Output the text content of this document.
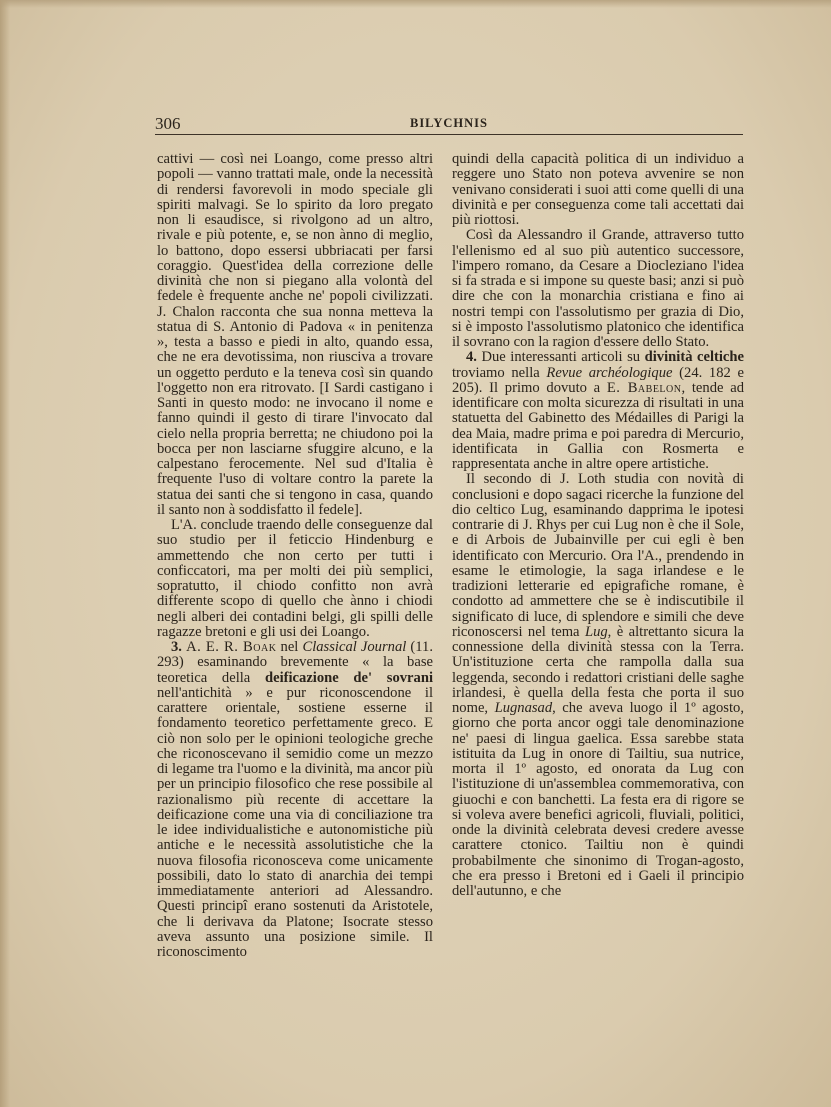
306	BILYCHNIS

cattivi — così nei Loango, come presso altri popoli — vanno trattati male, onde la necessità di rendersi favorevoli in modo speciale gli spiriti malvagi. Se lo spirito da loro pregato non li esaudisce, si rivolgono ad un altro, rivale e più potente, e, se non ànno di meglio, lo battono, dopo essersi ubbriacati per farsi coraggio. Quest'idea della correzione delle divinità che non si piegano alla volontà del fedele è frequente anche ne' popoli civilizzati. J. Chalon racconta che sua nonna metteva la statua di S. Antonio di Padova « in penitenza », testa a basso e piedi in alto, quando essa, che ne era devotissima, non riusciva a trovare un oggetto perduto e la teneva così sin quando l'oggetto non era ritrovato. [I Sardi castigano i Santi in questo modo: ne invocano il nome e fanno quindi il gesto di tirare l'invocato dal cielo nella propria berretta; ne chiudono poi la bocca per non lasciarne sfuggire alcuno, e la calpestano ferocemente. Nel sud d'Italia è frequente l'uso di voltare contro la parete la statua dei santi che si tengono in casa, quando il santo non à soddisfatto il fedele].

L'A. conclude traendo delle conseguenze dal suo studio per il feticcio Hindenburg e ammettendo che non certo per tutti i conficcatori, ma per molti dei più semplici, sopratutto, il chiodo confitto non avrà differente scopo di quello che ànno i chiodi negli alberi dei contadini belgi, gli spilli delle ragazze bretoni e gli usi dei Loango.

3. A. E. R. Boak nel Classical Journal (11. 293) esaminando brevemente « la base teoretica della deificazione de' sovrani nell'antichità » e pur riconoscendone il carattere orientale, sostiene esserne il fondamento teoretico perfettamente greco. E ciò non solo per le opinioni teologiche greche che riconoscevano il semidio come un mezzo di legame tra l'uomo e la divinità, ma ancor più per un principio filosofico che rese possibile al razionalismo più recente di accettare la deificazione come una via di conciliazione tra le idee individualistiche e autonomistiche più antiche e le necessità assolutistiche che la nuova filosofia riconosceva come unicamente possibili, dato lo stato di anarchia dei tempi immediatamente anteriori ad Alessandro. Questi principî erano sostenuti da Aristotele, che li derivava da Platone; Isocrate stesso aveva assunto una posizione simile. Il riconoscimento

quindi della capacità politica di un individuo a reggere uno Stato non poteva avvenire se non venivano considerati i suoi atti come quelli di una divinità e per conseguenza come tali accettati dai più riottosi.

Così da Alessandro il Grande, attraverso tutto l'ellenismo ed al suo più autentico successore, l'impero romano, da Cesare a Diocleziano l'idea si fa strada e si impone su queste basi; anzi si può dire che con la monarchia cristiana e fino ai nostri tempi con l'assolutismo per grazia di Dio, si è imposto l'assolutismo platonico che identifica il sovrano con la ragion d'essere dello Stato.

4. Due interessanti articoli su divinità celtiche troviamo nella Revue archéologique (24. 182 e 205). Il primo dovuto a E. Babelon, tende ad identificare con molta sicurezza di risultati in una statuetta del Gabinetto des Médailles di Parigi la dea Maia, madre prima e poi paredra di Mercurio, identificata in Gallia con Rosmerta e rappresentata anche in altre opere artistiche.

Il secondo di J. Loth studia con novità di conclusioni e dopo sagaci ricerche la funzione del dio celtico Lug, esaminando dapprima le ipotesi contrarie di J. Rhys per cui Lug non è che il Sole, e di Arbois de Jubainville per cui egli è ben identificato con Mercurio. Ora l'A., prendendo in esame le etimologie, la saga irlandese e le tradizioni letterarie ed epigrafiche romane, è condotto ad ammettere che se è indiscutibile il significato di luce, di splendore e simili che deve riconoscersi nel tema Lug, è altrettanto sicura la connessione della divinità stessa con la Terra. Un'istituzione certa che rampolla dalla sua leggenda, secondo i redattori cristiani delle saghe irlandesi, è quella della festa che porta il suo nome, Lugnasad, che aveva luogo il 1º agosto, giorno che porta ancor oggi tale denominazione ne' paesi di lingua gaelica. Essa sarebbe stata istituita da Lug in onore di Tailtiu, sua nutrice, morta il 1º agosto, ed onorata da Lug con l'istituzione di un'assemblea commemorativa, con giuochi e con banchetti. La festa era di rigore se si voleva avere benefici agricoli, fluviali, politici, onde la divinità celebrata devesi credere avesse carattere ctonico. Tailtiu non è quindi probabilmente che sinonimo di Trogan-agosto, che era presso i Bretoni ed i Gaeli il principio dell'autunno, e che
